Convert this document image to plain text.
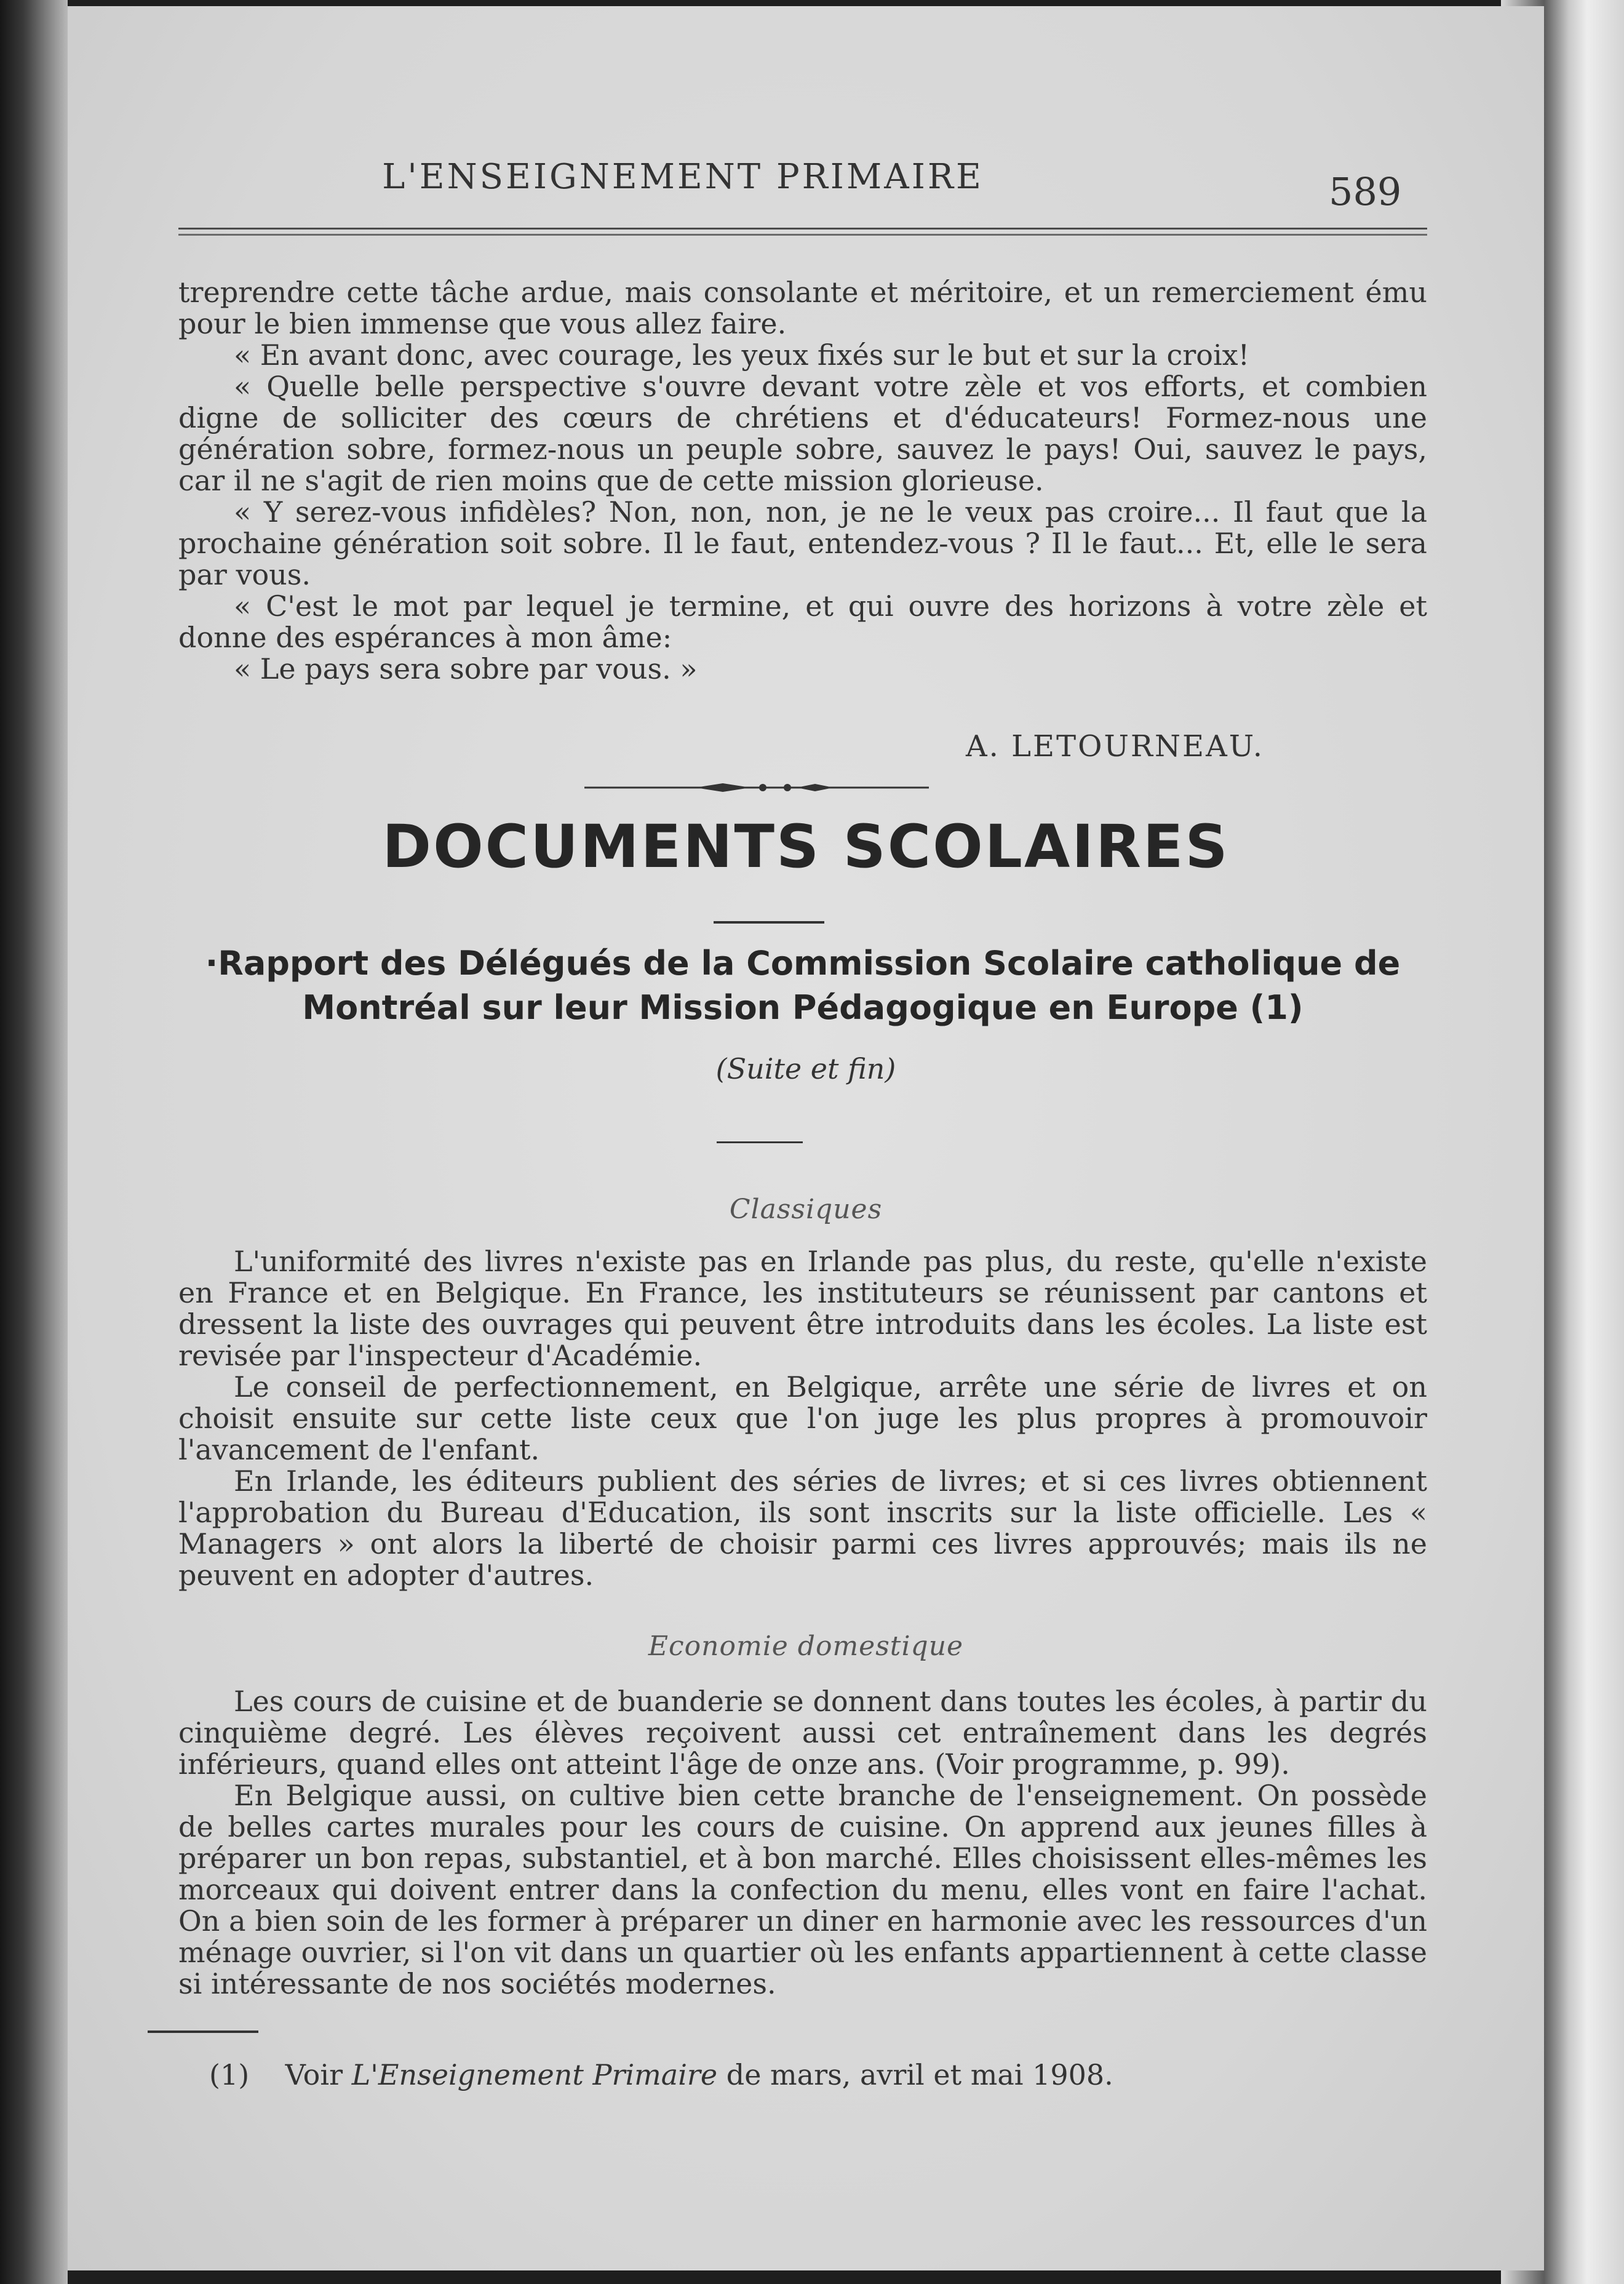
L'ENSEIGNEMENT PRIMAIRE	589

treprendre cette tâche ardue, mais consolante et méritoire, et un remerciement ému pour le bien immense que vous allez faire.

« En avant donc, avec courage, les yeux fixés sur le but et sur la croix!

« Quelle belle perspective s'ouvre devant votre zèle et vos efforts, et combien digne de solliciter des cœurs de chrétiens et d'éducateurs! Formez-nous une génération sobre, formez-nous un peuple sobre, sauvez le pays! Oui, sauvez le pays, car il ne s'agit de rien moins que de cette mission glorieuse.

« Y serez-vous infidèles? Non, non, non, je ne le veux pas croire... Il faut que la prochaine génération soit sobre. Il le faut, entendez-vous ? Il le faut... Et, elle le sera par vous.

« C'est le mot par lequel je termine, et qui ouvre des horizons à votre zèle et donne des espérances à mon âme:

« Le pays sera sobre par vous. »

A. LETOURNEAU.
DOCUMENTS SCOLAIRES
·Rapport des Délégués de la Commission Scolaire catholique de
Montréal sur leur Mission Pédagogique en Europe (1)
(Suite et fin)
Classiques

L'uniformité des livres n'existe pas en Irlande pas plus, du reste, qu'elle n'existe en France et en Belgique. En France, les instituteurs se réunissent par cantons et dressent la liste des ouvrages qui peuvent être introduits dans les écoles. La liste est revisée par l'inspecteur d'Académie.

Le conseil de perfectionnement, en Belgique, arrête une série de livres et on choisit ensuite sur cette liste ceux que l'on juge les plus propres à promouvoir l'avancement de l'enfant.

En Irlande, les éditeurs publient des séries de livres; et si ces livres obtiennent l'approbation du Bureau d'Education, ils sont inscrits sur la liste officielle. Les « Managers » ont alors la liberté de choisir parmi ces livres approuvés; mais ils ne peuvent en adopter d'autres.

Economie domestique

Les cours de cuisine et de buanderie se donnent dans toutes les écoles, à partir du cinquième degré. Les élèves reçoivent aussi cet entraînement dans les degrés inférieurs, quand elles ont atteint l'âge de onze ans. (Voir programme, p. 99).

En Belgique aussi, on cultive bien cette branche de l'enseignement. On possède de belles cartes murales pour les cours de cuisine. On apprend aux jeunes filles à préparer un bon repas, substantiel, et à bon marché. Elles choisissent elles-mêmes les morceaux qui doivent entrer dans la confection du menu, elles vont en faire l'achat. On a bien soin de les former à préparer un diner en harmonie avec les ressources d'un ménage ouvrier, si l'on vit dans un quartier où les enfants appartiennent à cette classe si intéressante de nos sociétés modernes.

(1) Voir L'Enseignement Primaire de mars, avril et mai 1908.
